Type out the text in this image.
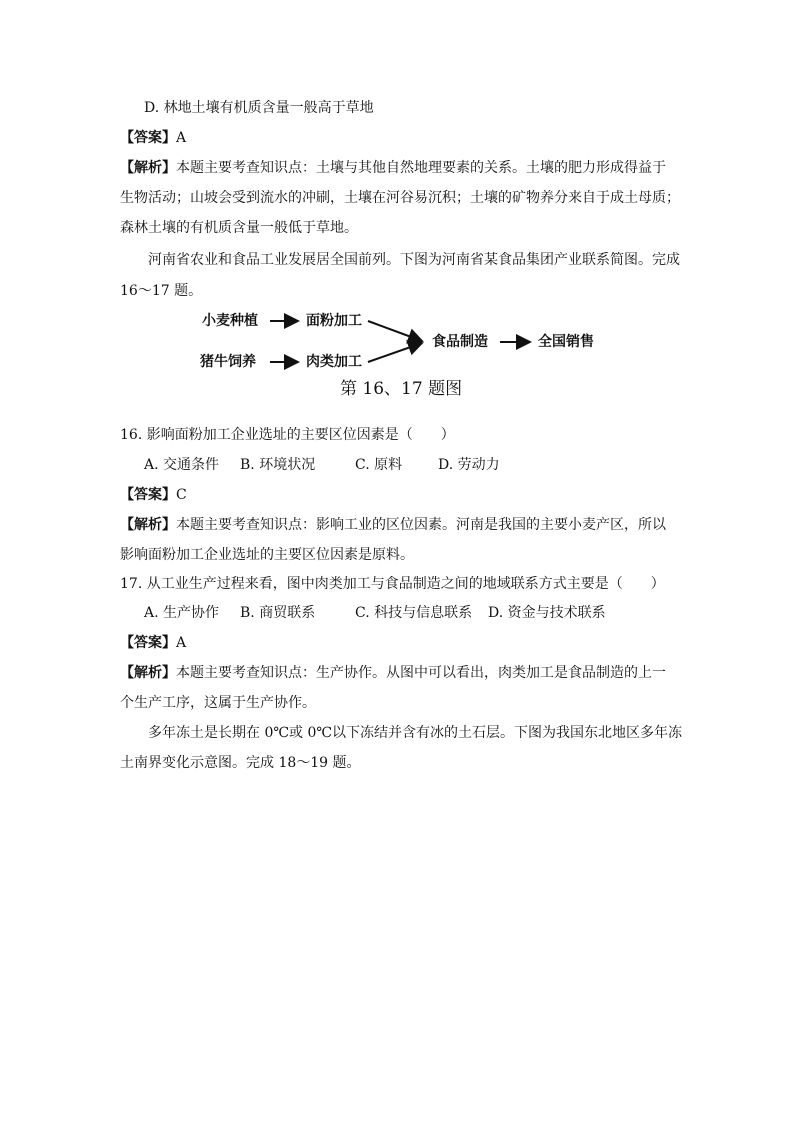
D. 林地土壤有机质含量一般高于草地
【答案】A
【解析】本题主要考查知识点：土壤与其他自然地理要素的关系。土壤的肥力形成得益于
生物活动；山坡会受到流水的冲刷，土壤在河谷易沉积；土壤的矿物养分来自于成土母质；
森林土壤的有机质含量一般低于草地。
河南省农业和食品工业发展居全国前列。下图为河南省某食品集团产业联系简图。完成
16～17 题。
小麦种植	面粉加工
猪牛饲养	肉类加工
食品制造	全国销售
第 16、17 题图
16. 影响面粉加工企业选址的主要区位因素是（　　）
A. 交通条件 B. 环境状况	C. 原料	D. 劳动力
【答案】C
【解析】本题主要考查知识点：影响工业的区位因素。河南是我国的主要小麦产区，所以
影响面粉加工企业选址的主要区位因素是原料。
17. 从工业生产过程来看，图中肉类加工与食品制造之间的地域联系方式主要是（　　）
A. 生产协作 B. 商贸联系	C. 科技与信息联系 D. 资金与技术联系
【答案】A
【解析】本题主要考查知识点：生产协作。从图中可以看出，肉类加工是食品制造的上一
个生产工序，这属于生产协作。
多年冻土是长期在 0℃或 0℃以下冻结并含有冰的土石层。下图为我国东北地区多年冻
土南界变化示意图。完成 18～19 题。
